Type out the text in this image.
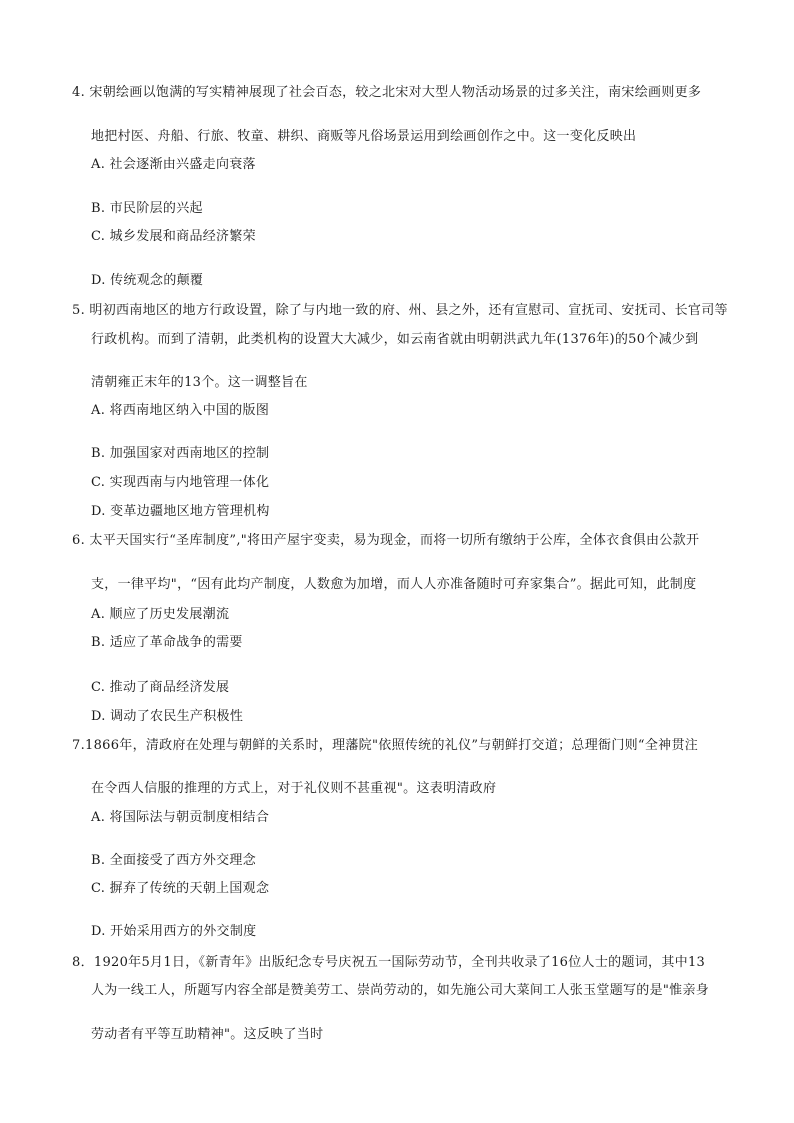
4. 宋朝绘画以饱满的写实精神展现了社会百态，较之北宋对大型人物活动场景的过多关注，南宋绘画则更多
地把村医、舟船、行旅、牧童、耕织、商贩等凡俗场景运用到绘画创作之中。这一变化反映出
A. 社会逐渐由兴盛走向衰落
B. 市民阶层的兴起
C. 城乡发展和商品经济繁荣
D. 传统观念的颠覆
5. 明初西南地区的地方行政设置，除了与内地一致的府、州、县之外，还有宣慰司、宣抚司、安抚司、长官司等
行政机构。而到了清朝，此类机构的设置大大减少，如云南省就由明朝洪武九年(1376年)的50个减少到
清朝雍正末年的13个。这一调整旨在
A. 将西南地区纳入中国的版图
B. 加强国家对西南地区的控制
C. 实现西南与内地管理一体化
D. 变革边疆地区地方管理机构
6. 太平天国实行“圣库制度”,"将田产屋宇变卖，易为现金，而将一切所有缴纳于公库，全体衣食俱由公款开
支，一律平均"，“因有此均产制度，人数愈为加增，而人人亦准备随时可弃家集合”。据此可知，此制度
A. 顺应了历史发展潮流
B. 适应了革命战争的需要
C. 推动了商品经济发展
D. 调动了农民生产积极性
7.1866年，清政府在处理与朝鲜的关系时，理藩院"依照传统的礼仪”与朝鲜打交道；总理衙门则“全神贯注
在令西人信服的推理的方式上，对于礼仪则不甚重视"。这表明清政府
A. 将国际法与朝贡制度相结合
B. 全面接受了西方外交理念
C. 摒弃了传统的天朝上国观念
D. 开始采用西方的外交制度
8．1920年5月1日，《新青年》出版纪念专号庆祝五一国际劳动节，全刊共收录了16位人士的题词，其中13
人为一线工人，所题写内容全部是赞美劳工、崇尚劳动的，如先施公司大菜间工人张玉堂题写的是"惟亲身
劳动者有平等互助精神"。这反映了当时
